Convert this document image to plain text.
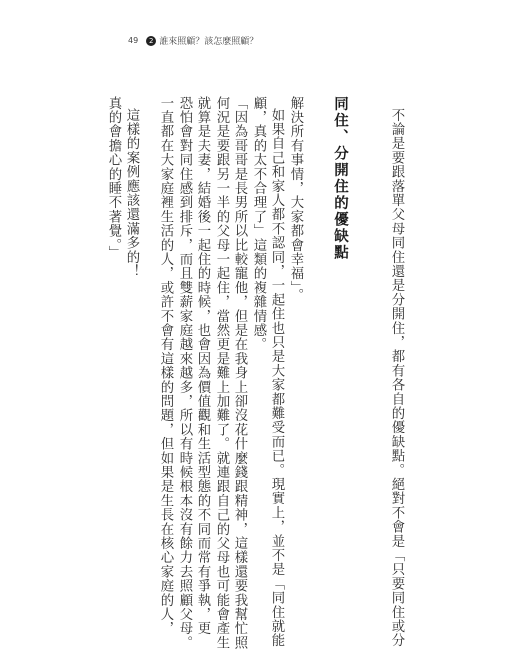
49	2 誰來照顧？該怎麼照顧？
真的會擔心的睡不著覺。」 這樣的案例應該還滿多的！ 一直都在大家庭裡生活的人，或許不會有這樣的問題，但如果是生長在核心家庭的人， 恐怕會對同住感到排斥，而且雙薪家庭越來越多，所以有時候根本沒有餘力去照顧父母。 就算是夫妻，結婚後一起住的時候，也會因為價值觀和生活型態的不同而常有爭執，更 何況是要跟另一半的父母一起住，當然更是難上加難了。就連跟自己的父母也可能會產生 「因為哥哥是長男所以比較寵他，但是在我身上卻沒花什麼錢跟精神，這樣還要我幫忙照 顧，真的太不合理了」這類的複雜情感。 如果自己和家人都不認同，一起住也只是大家都難受而已。現實上，並不是「同住就能 解決所有事情，大家都會幸福」。 同住、分開住的優缺點	不論是要跟落單父母同住還是分開住，都有各自的優缺點。絕對不會是「只要同住或分
